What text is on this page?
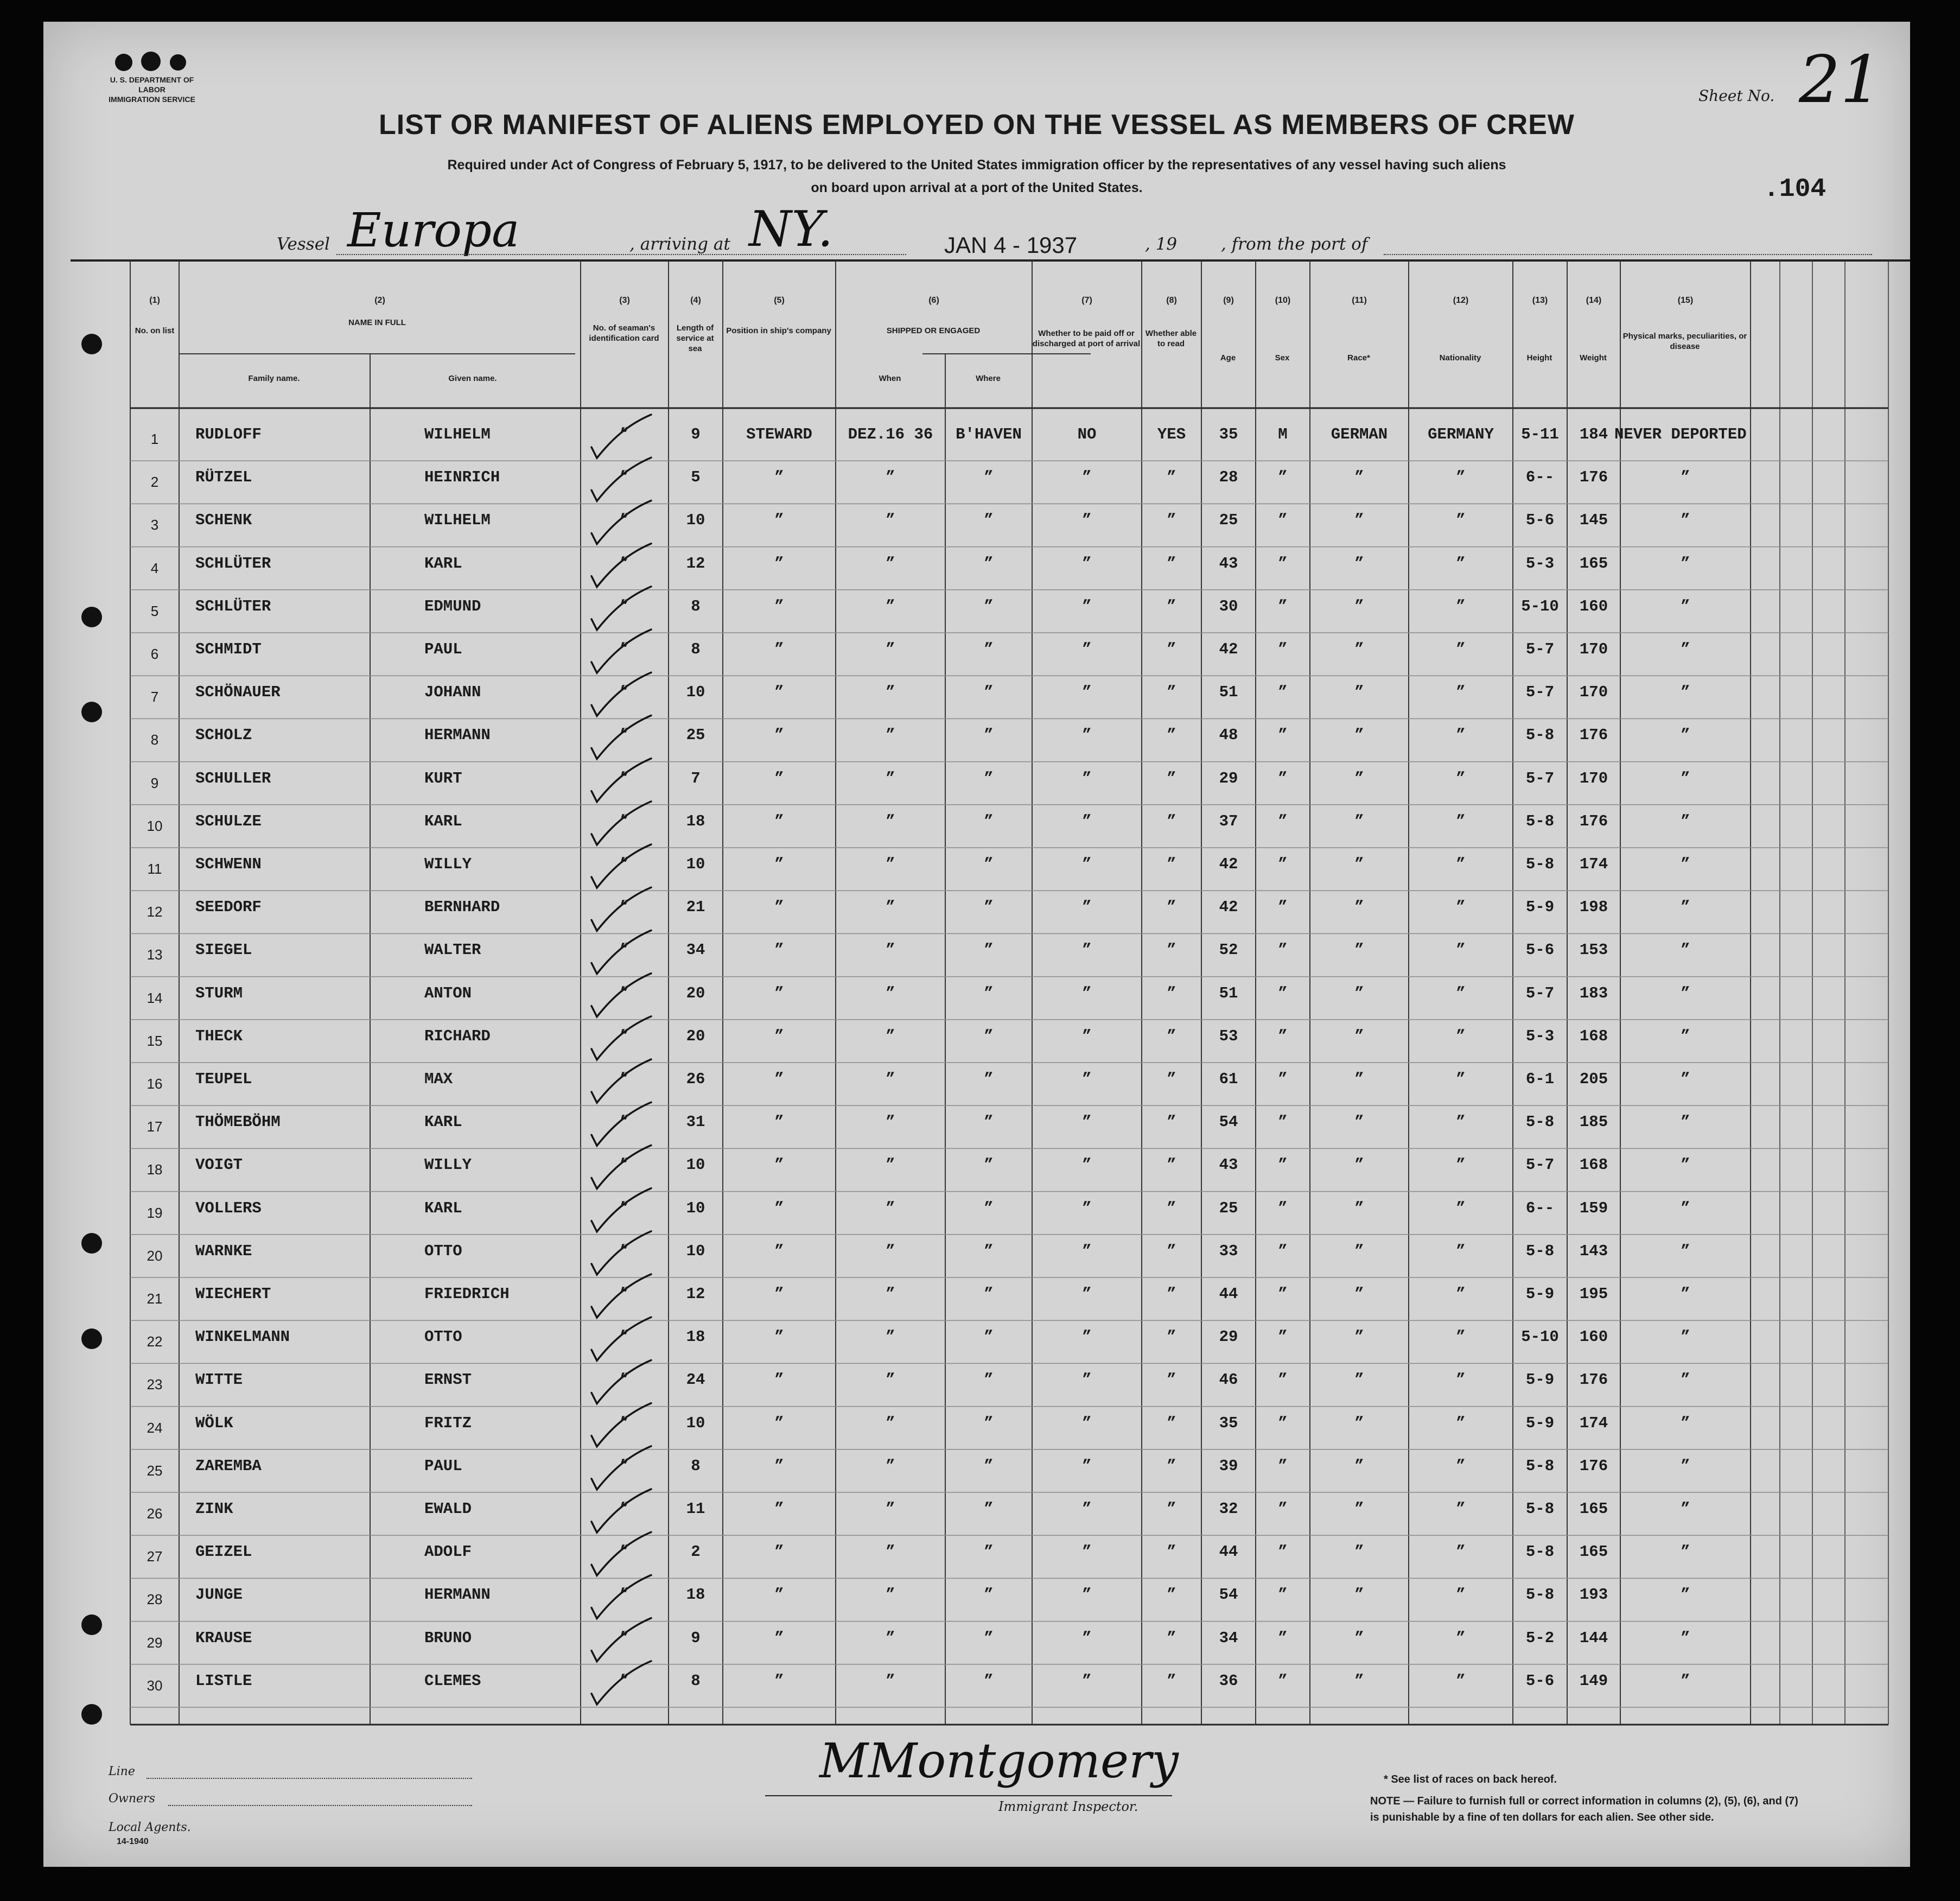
U. S. DEPARTMENT OF LABOR
IMMIGRATION SERVICE
LIST OR MANIFEST OF ALIENS EMPLOYED ON THE VESSEL AS MEMBERS OF CREW
Required under Act of Congress of February 5, 1917, to be delivered to the United States immigration officer by the representatives of any vessel having such aliens
on board upon arrival at a port of the United States.
Sheet No. 21
.104
Vessel Europa	, arriving at NY.	JAN 4 - 1937	, 19	, from the port of
(1)	(2)	(3)	(4)	(5)	(6)	(7)	(8)	(9)	(10)	(11)	(12)	(13)	(14)	(15)
No. on list
NAME IN FULL
Family name.	Given name.
No. of seaman's identification card
Length of service at sea
Position in ship's company	SHIPPED OR ENGAGED
When	Where
Whether to be paid off or discharged at port of arrival
Whether able to read
Age	Sex	Race*	Nationality	Height	Weight
Physical marks, peculiarities, or disease
1	RUDLOFF	WILHELM	”	9	STEWARD	DEZ.16 36	B'HAVEN	NO	YES	35	M	GERMAN	GERMANY	5-11	184 NEVER DEPORTED
2	RÜTZEL	HEINRICH	”	5	”	”	”	”	”	28	”	”	”	6--	176	”
3	SCHENK	WILHELM	”	10	”	”	”	”	”	25	”	”	”	5-6	145	”
4	SCHLÜTER	KARL	”	12	”	”	”	”	”	43	”	”	”	5-3	165	”
5	SCHLÜTER	EDMUND	”	8	”	”	”	”	”	30	”	”	”	5-10	160	”
6	SCHMIDT	PAUL	”	8	”	”	”	”	”	42	”	”	”	5-7	170	”
7	SCHÖNAUER	JOHANN	”	10	”	”	”	”	”	51	”	”	”	5-7	170	”
8	SCHOLZ	HERMANN	”	25	”	”	”	”	”	48	”	”	”	5-8	176	”
9	SCHULLER	KURT	”	7	”	”	”	”	”	29	”	”	”	5-7	170	”
10	SCHULZE	KARL	”	18	”	”	”	”	”	37	”	”	”	5-8	176	”
11	SCHWENN	WILLY	”	10	”	”	”	”	”	42	”	”	”	5-8	174	”
12	SEEDORF	BERNHARD	”	21	”	”	”	”	”	42	”	”	”	5-9	198	”
13	SIEGEL	WALTER	”	34	”	”	”	”	”	52	”	”	”	5-6	153	”
14	STURM	ANTON	”	20	”	”	”	”	”	51	”	”	”	5-7	183	”
15	THECK	RICHARD	”	20	”	”	”	”	”	53	”	”	”	5-3	168	”
16	TEUPEL	MAX	”	26	”	”	”	”	”	61	”	”	”	6-1	205	”
17	THÖMEBÖHM	KARL	”	31	”	”	”	”	”	54	”	”	”	5-8	185	”
18	VOIGT	WILLY	”	10	”	”	”	”	”	43	”	”	”	5-7	168	”
19	VOLLERS	KARL	”	10	”	”	”	”	”	25	”	”	”	6--	159	”
20	WARNKE	OTTO	”	10	”	”	”	”	”	33	”	”	”	5-8	143	”
21	WIECHERT	FRIEDRICH	”	12	”	”	”	”	”	44	”	”	”	5-9	195	”
22	WINKELMANN	OTTO	”	18	”	”	”	”	”	29	”	”	”	5-10	160	”
23	WITTE	ERNST	”	24	”	”	”	”	”	46	”	”	”	5-9	176	”
24	WÖLK	FRITZ	”	10	”	”	”	”	”	35	”	”	”	5-9	174	”
25	ZAREMBA	PAUL	”	8	”	”	”	”	”	39	”	”	”	5-8	176	”
26	ZINK	EWALD	”	11	”	”	”	”	”	32	”	”	”	5-8	165	”
27	GEIZEL	ADOLF	”	2	”	”	”	”	”	44	”	”	”	5-8	165	”
28	JUNGE	HERMANN	”	18	”	”	”	”	”	54	”	”	”	5-8	193	”
29	KRAUSE	BRUNO	”	9	”	”	”	”	”	34	”	”	”	5-2	144	”
30	LISTLE	CLEMES	”	8	”	”	”	”	”	36	”	”	”	5-6	149	”
Line
Owners
Local Agents.
14-1940
MMontgomery
Immigrant Inspector.
* See list of races on back hereof.
NOTE — Failure to furnish full or correct information in columns (2), (5), (6), and (7)
is punishable by a fine of ten dollars for each alien. See other side.
